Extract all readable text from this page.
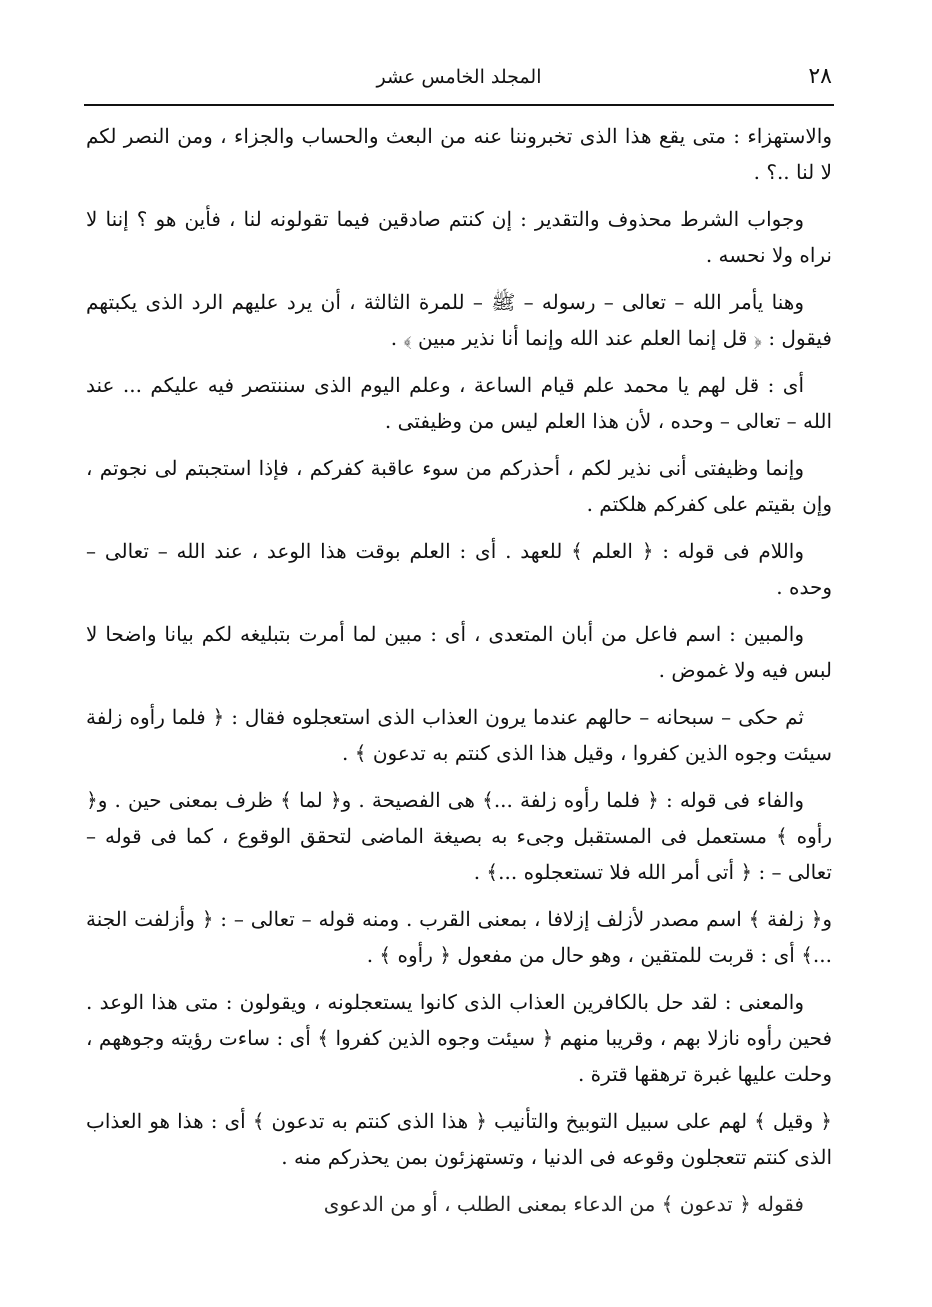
٢٨
المجلد الخامس عشر

والاستهزاء : متى يقع هذا الذى تخبروننا عنه من البعث والحساب والجزاء ، ومن النصر لكم لا لنا ..؟ .

وجواب الشرط محذوف والتقدير : إن كنتم صادقين فيما تقولونه لنا ، فأين هو ؟ إننا لا نراه ولا نحسه .

وهنا يأمر الله – تعالى – رسوله – ﷺ – للمرة الثالثة ، أن يرد عليهم الرد الذى يكبتهم فيقول : ﴿ قل إنما العلم عند الله وإنما أنا نذير مبين ﴾ .

أى : قل لهم يا محمد علم قيام الساعة ، وعلم اليوم الذى سننتصر فيه عليكم ... عند الله – تعالى – وحده ، لأن هذا العلم ليس من وظيفتى .

وإنما وظيفتى أنى نذير لكم ، أحذركم من سوء عاقبة كفركم ، فإذا استجبتم لى نجوتم ، وإن بقيتم على كفركم هلكتم .

واللام فى قوله : ﴿ العلم ﴾ للعهد . أى : العلم بوقت هذا الوعد ، عند الله – تعالى – وحده .

والمبين : اسم فاعل من أبان المتعدى ، أى : مبين لما أمرت بتبليغه لكم بيانا واضحا لا لبس فيه ولا غموض .

ثم حكى – سبحانه – حالهم عندما يرون العذاب الذى استعجلوه فقال : ﴿ فلما رأوه زلفة سيئت وجوه الذين كفروا ، وقيل هذا الذى كنتم به تدعون ﴾ .

والفاء فى قوله : ﴿ فلما رأوه زلفة ...﴾ هى الفصيحة . و﴿ لما ﴾ ظرف بمعنى حين . و﴿ رأوه ﴾ مستعمل فى المستقبل وجىء به بصيغة الماضى لتحقق الوقوع ، كما فى قوله – تعالى – : ﴿ أتى أمر الله فلا تستعجلوه ...﴾ .

و﴿ زلفة ﴾ اسم مصدر لأزلف إزلافا ، بمعنى القرب . ومنه قوله – تعالى – : ﴿ وأزلفت الجنة ...﴾ أى : قربت للمتقين ، وهو حال من مفعول ﴿ رأوه ﴾ .

والمعنى : لقد حل بالكافرين العذاب الذى كانوا يستعجلونه ، ويقولون : متى هذا الوعد . فحين رأوه نازلا بهم ، وقريبا منهم ﴿ سيئت وجوه الذين كفروا ﴾ أى : ساءت رؤيته وجوههم ، وحلت عليها غبرة ترهقها قترة .

﴿ وقيل ﴾ لهم على سبيل التوبيخ والتأنيب ﴿ هذا الذى كنتم به تدعون ﴾ أى : هذا هو العذاب الذى كنتم تتعجلون وقوعه فى الدنيا ، وتستهزئون بمن يحذركم منه .

فقوله ﴿ تدعون ﴾ من الدعاء بمعنى الطلب ، أو من الدعوى
